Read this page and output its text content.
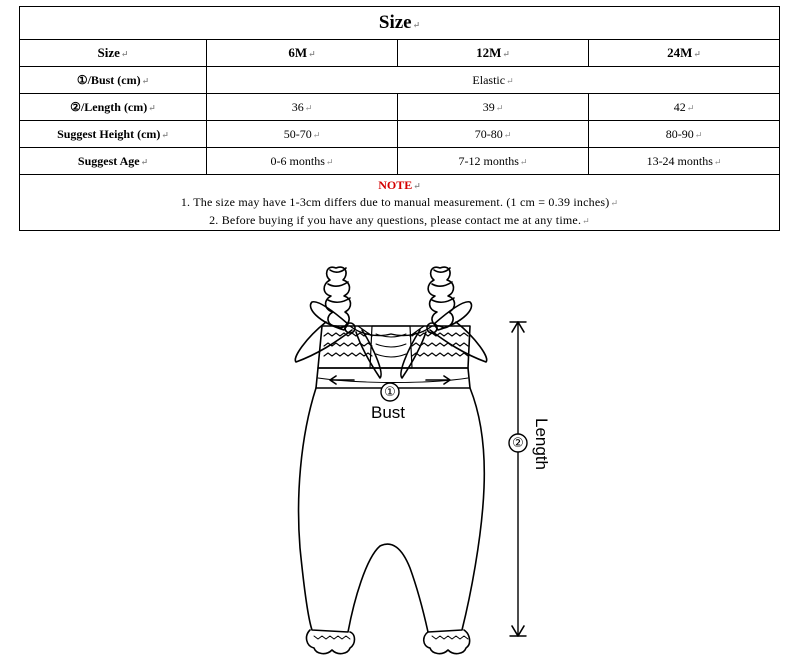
Size↵			
Size↵	6M↵	12M↵	24M↵
①/Bust (cm)↵	Elastic↵		
②/Length (cm)↵	36↵	39↵	42↵
Suggest Height (cm)↵	50-70↵	70-80↵	80-90↵
Suggest Age↵	0-6 months↵	7-12 months↵	13-24 months↵

NOTE↵
1. The size may have 1-3cm differs due to manual measurement. (1 cm = 0.39 inches)↵
2. Before buying if you have any questions, please contact me at any time.↵			
①
Bust
② Length
